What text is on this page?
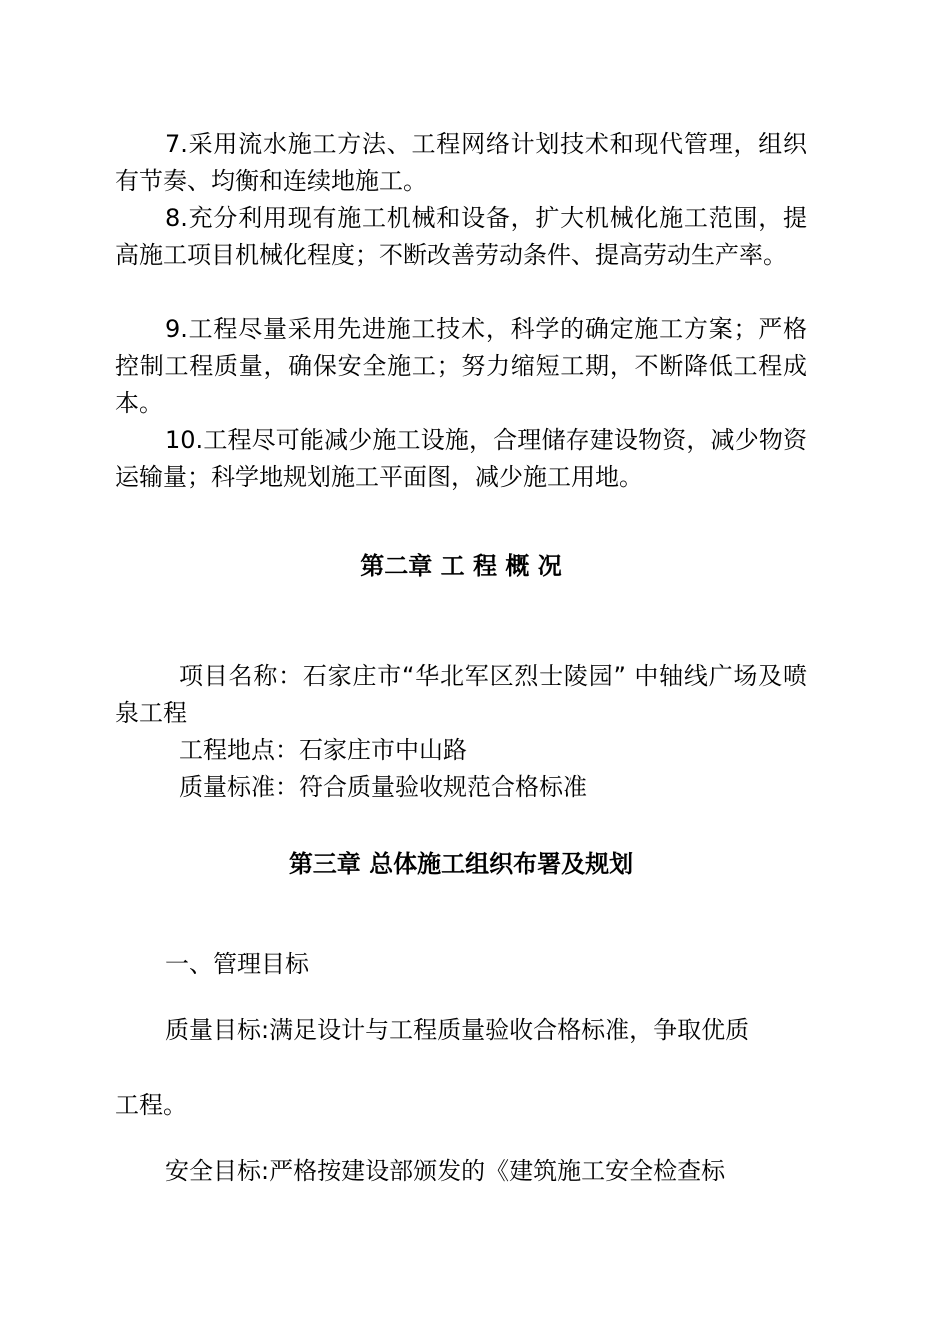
7.采用流水施工方法、工程网络计划技术和现代管理，组织有节奏、均衡和连续地施工。

8.充分利用现有施工机械和设备，扩大机械化施工范围，提高施工项目机械化程度；不断改善劳动条件、提高劳动生产率。

9.工程尽量采用先进施工技术，科学的确定施工方案；严格控制工程质量，确保安全施工；努力缩短工期，不断降低工程成本。

10.工程尽可能减少施工设施，合理储存建设物资，减少物资运输量；科学地规划施工平面图，减少施工用地。

第二章 工 程 概 况

项目名称：石家庄市“华北军区烈士陵园” 中轴线广场及喷泉工程

工程地点：石家庄市中山路

质量标准：符合质量验收规范合格标准

第三章 总体施工组织布署及规划

一、管理目标

质量目标:满足设计与工程质量验收合格标准，争取优质

工程。

安全目标:严格按建设部颁发的《建筑施工安全检查标
